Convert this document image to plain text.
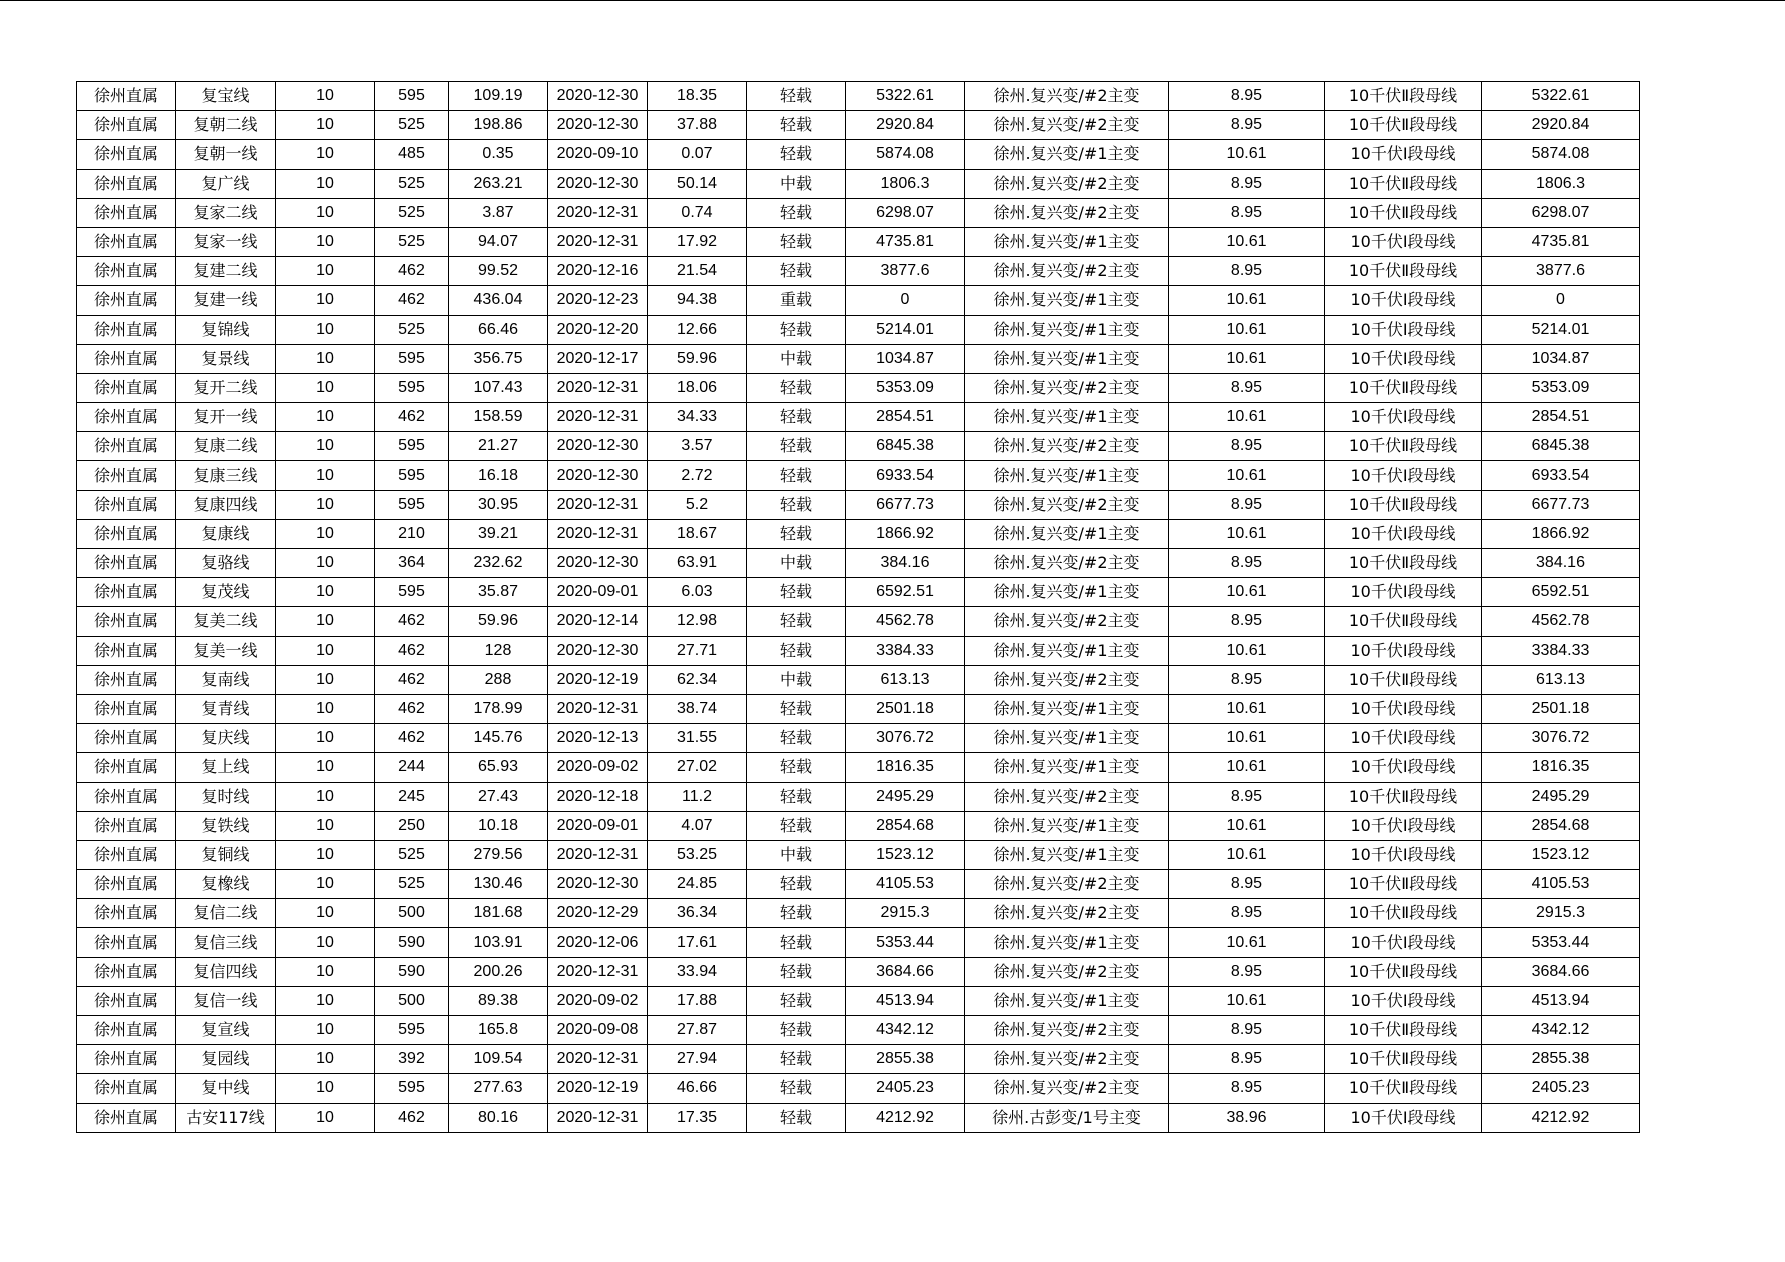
徐州直属	复宝线	10	595	109.19	2020-12-30	18.35	轻载	5322.61	徐州.复兴变/#2主变	8.95	10千伏Ⅱ段母线	5322.61
徐州直属	复朝二线	10	525	198.86	2020-12-30	37.88	轻载	2920.84	徐州.复兴变/#2主变	8.95	10千伏Ⅱ段母线	2920.84
徐州直属	复朝一线	10	485	0.35	2020-09-10	0.07	轻载	5874.08	徐州.复兴变/#1主变	10.61	10千伏Ⅰ段母线	5874.08
徐州直属	复广线	10	525	263.21	2020-12-30	50.14	中载	1806.3	徐州.复兴变/#2主变	8.95	10千伏Ⅱ段母线	1806.3
徐州直属	复家二线	10	525	3.87	2020-12-31	0.74	轻载	6298.07	徐州.复兴变/#2主变	8.95	10千伏Ⅱ段母线	6298.07
徐州直属	复家一线	10	525	94.07	2020-12-31	17.92	轻载	4735.81	徐州.复兴变/#1主变	10.61	10千伏Ⅰ段母线	4735.81
徐州直属	复建二线	10	462	99.52	2020-12-16	21.54	轻载	3877.6	徐州.复兴变/#2主变	8.95	10千伏Ⅱ段母线	3877.6
徐州直属	复建一线	10	462	436.04	2020-12-23	94.38	重载	0	徐州.复兴变/#1主变	10.61	10千伏Ⅰ段母线	0
徐州直属	复锦线	10	525	66.46	2020-12-20	12.66	轻载	5214.01	徐州.复兴变/#1主变	10.61	10千伏Ⅰ段母线	5214.01
徐州直属	复景线	10	595	356.75	2020-12-17	59.96	中载	1034.87	徐州.复兴变/#1主变	10.61	10千伏Ⅰ段母线	1034.87
徐州直属	复开二线	10	595	107.43	2020-12-31	18.06	轻载	5353.09	徐州.复兴变/#2主变	8.95	10千伏Ⅱ段母线	5353.09
徐州直属	复开一线	10	462	158.59	2020-12-31	34.33	轻载	2854.51	徐州.复兴变/#1主变	10.61	10千伏Ⅰ段母线	2854.51
徐州直属	复康二线	10	595	21.27	2020-12-30	3.57	轻载	6845.38	徐州.复兴变/#2主变	8.95	10千伏Ⅱ段母线	6845.38
徐州直属	复康三线	10	595	16.18	2020-12-30	2.72	轻载	6933.54	徐州.复兴变/#1主变	10.61	10千伏Ⅰ段母线	6933.54
徐州直属	复康四线	10	595	30.95	2020-12-31	5.2	轻载	6677.73	徐州.复兴变/#2主变	8.95	10千伏Ⅱ段母线	6677.73
徐州直属	复康线	10	210	39.21	2020-12-31	18.67	轻载	1866.92	徐州.复兴变/#1主变	10.61	10千伏Ⅰ段母线	1866.92
徐州直属	复骆线	10	364	232.62	2020-12-30	63.91	中载	384.16	徐州.复兴变/#2主变	8.95	10千伏Ⅱ段母线	384.16
徐州直属	复茂线	10	595	35.87	2020-09-01	6.03	轻载	6592.51	徐州.复兴变/#1主变	10.61	10千伏Ⅰ段母线	6592.51
徐州直属	复美二线	10	462	59.96	2020-12-14	12.98	轻载	4562.78	徐州.复兴变/#2主变	8.95	10千伏Ⅱ段母线	4562.78
徐州直属	复美一线	10	462	128	2020-12-30	27.71	轻载	3384.33	徐州.复兴变/#1主变	10.61	10千伏Ⅰ段母线	3384.33
徐州直属	复南线	10	462	288	2020-12-19	62.34	中载	613.13	徐州.复兴变/#2主变	8.95	10千伏Ⅱ段母线	613.13
徐州直属	复青线	10	462	178.99	2020-12-31	38.74	轻载	2501.18	徐州.复兴变/#1主变	10.61	10千伏Ⅰ段母线	2501.18
徐州直属	复庆线	10	462	145.76	2020-12-13	31.55	轻载	3076.72	徐州.复兴变/#1主变	10.61	10千伏Ⅰ段母线	3076.72
徐州直属	复上线	10	244	65.93	2020-09-02	27.02	轻载	1816.35	徐州.复兴变/#1主变	10.61	10千伏Ⅰ段母线	1816.35
徐州直属	复时线	10	245	27.43	2020-12-18	11.2	轻载	2495.29	徐州.复兴变/#2主变	8.95	10千伏Ⅱ段母线	2495.29
徐州直属	复铁线	10	250	10.18	2020-09-01	4.07	轻载	2854.68	徐州.复兴变/#1主变	10.61	10千伏Ⅰ段母线	2854.68
徐州直属	复铜线	10	525	279.56	2020-12-31	53.25	中载	1523.12	徐州.复兴变/#1主变	10.61	10千伏Ⅰ段母线	1523.12
徐州直属	复橡线	10	525	130.46	2020-12-30	24.85	轻载	4105.53	徐州.复兴变/#2主变	8.95	10千伏Ⅱ段母线	4105.53
徐州直属	复信二线	10	500	181.68	2020-12-29	36.34	轻载	2915.3	徐州.复兴变/#2主变	8.95	10千伏Ⅱ段母线	2915.3
徐州直属	复信三线	10	590	103.91	2020-12-06	17.61	轻载	5353.44	徐州.复兴变/#1主变	10.61	10千伏Ⅰ段母线	5353.44
徐州直属	复信四线	10	590	200.26	2020-12-31	33.94	轻载	3684.66	徐州.复兴变/#2主变	8.95	10千伏Ⅱ段母线	3684.66
徐州直属	复信一线	10	500	89.38	2020-09-02	17.88	轻载	4513.94	徐州.复兴变/#1主变	10.61	10千伏Ⅰ段母线	4513.94
徐州直属	复宣线	10	595	165.8	2020-09-08	27.87	轻载	4342.12	徐州.复兴变/#2主变	8.95	10千伏Ⅱ段母线	4342.12
徐州直属	复园线	10	392	109.54	2020-12-31	27.94	轻载	2855.38	徐州.复兴变/#2主变	8.95	10千伏Ⅱ段母线	2855.38
徐州直属	复中线	10	595	277.63	2020-12-19	46.66	轻载	2405.23	徐州.复兴变/#2主变	8.95	10千伏Ⅱ段母线	2405.23
徐州直属	古安117线	10	462	80.16	2020-12-31	17.35	轻载	4212.92	徐州.古彭变/1号主变	38.96	10千伏Ⅰ段母线	4212.92
